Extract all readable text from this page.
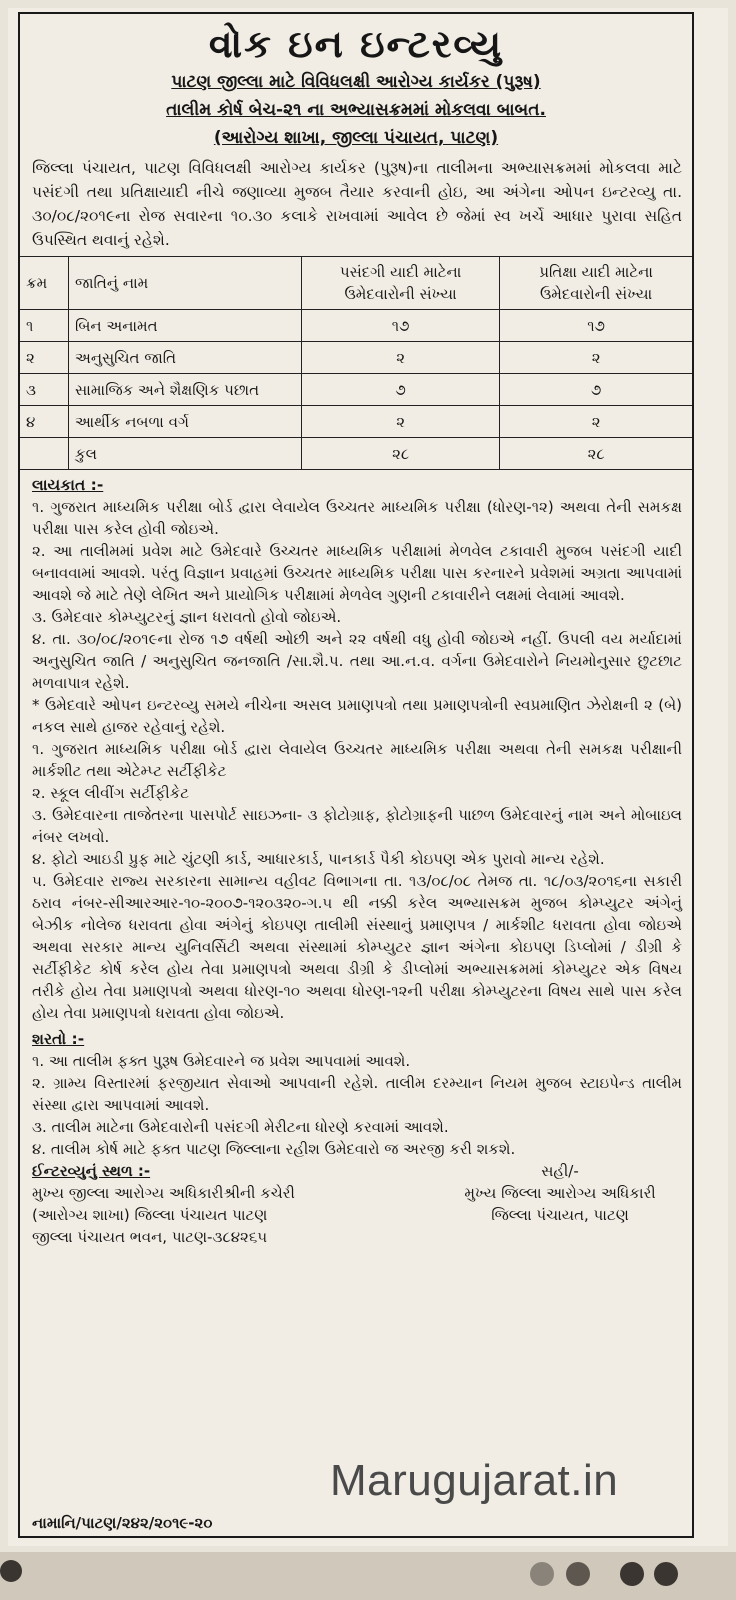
વોક ઇન ઇન્ટરવ્યુ
પાટણ જીલ્લા માટે વિવિધલક્ષી આરોગ્ય કાર્યકર (પુરૂષ)
તાલીમ કોર્ષ બેચ-૨૧ ના અભ્યાસક્રમમાં મોકલવા બાબત.
(આરોગ્ય શાખા, જીલ્લા પંચાયત, પાટણ)
જિલ્લા પંચાયત, પાટણ વિવિધલક્ષી આરોગ્ય કાર્યકર (પુરૂષ)ના તાલીમના અભ્યાસક્રમમાં મોકલવા માટે પસંદગી તથા પ્રતિક્ષાયાદી નીચે જણાવ્યા મુજબ તૈયાર કરવાની હોઇ, આ અંગેના ઓપન ઇન્ટરવ્યુ તા. ૩૦/૦૮/૨૦૧૯ના રોજ સવારના ૧૦.૩૦ કલાકે રાખવામાં આવેલ છે જેમાં સ્વ ખર્ચે આધાર પુરાવા સહિત ઉપસ્થિત થવાનું રહેશે.
ક્રમ	જાતિનું નામ	પસંદગી યાદી માટેના ઉમેદવારોની સંખ્યા	પ્રતિક્ષા યાદી માટેના ઉમેદવારોની સંખ્યા
૧	બિન અનામત	૧૭	૧૭
૨	અનુસુચિત જાતિ	૨	૨
૩	સામાજિક અને શૈક્ષણિક પછાત	૭	૭
૪	આર્થીક નબળા વર્ગ	૨	૨
	કુલ	૨૮	૨૮
લાયકાત :-
૧. ગુજરાત માધ્યમિક પરીક્ષા બોર્ડ દ્વારા લેવાયેલ ઉચ્ચતર માધ્યમિક પરીક્ષા (ધોરણ-૧૨) અથવા તેની સમકક્ષ પરીક્ષા પાસ કરેલ હોવી જોઇએ.
૨. આ તાલીમમાં પ્રવેશ માટે ઉમેદવારે ઉચ્ચતર માધ્યમિક પરીક્ષામાં મેળવેલ ટકાવારી મુજબ પસંદગી યાદી બનાવવામાં આવશે. પરંતુ વિજ્ઞાન પ્રવાહમાં ઉચ્ચતર માધ્યમિક પરીક્ષા પાસ કરનારને પ્રવેશમાં અગ્રતા આપવામાં આવશે જે માટે તેણે લેખિત અને પ્રાયોગિક પરીક્ષામાં મેળવેલ ગુણની ટકાવારીને લક્ષમાં લેવામાં આવશે.
૩. ઉમેદવાર કોમ્પ્યુટરનું જ્ઞાન ધરાવતો હોવો જોઇએ.
૪. તા. ૩૦/૦૮/૨૦૧૯ના રોજ ૧૭ વર્ષથી ઓછી અને ૨૨ વર્ષથી વધુ હોવી જોઇએ નહીં. ઉપલી વય મર્યાદામાં અનુસુચિત જાતિ / અનુસુચિત જનજાતિ /સા.શૈ.પ. તથા આ.ન.વ. વર્ગના ઉમેદવારોને નિયમોનુસાર છુટછાટ મળવાપાત્ર રહેશે.
* ઉમેદવારે ઓપન ઇન્ટરવ્યુ સમયે નીચેના અસલ પ્રમાણપત્રો તથા પ્રમાણપત્રોની સ્વપ્રમાણિત ઝેરોક્ષની ૨ (બે) નકલ સાથે હાજર રહેવાનું રહેશે.
૧. ગુજરાત માધ્યમિક પરીક્ષા બોર્ડ દ્વારા લેવાયેલ ઉચ્ચતર માધ્યમિક પરીક્ષા અથવા તેની સમકક્ષ પરીક્ષાની માર્કશીટ તથા એટેમ્પ્ટ સર્ટીફીકેટ
૨. સ્કૂલ લીવીંગ સર્ટીફીકેટ
૩. ઉમેદવારના તાજેતરના પાસપોર્ટ સાઇઝના- ૩ ફોટોગ્રાફ, ફોટોગ્રાફની પાછળ ઉમેદવારનું નામ અને મોબાઇલ નંબર લખવો.
૪. ફોટો આઇડી પ્રુફ માટે ચુંટણી કાર્ડ, આધારકાર્ડ, પાનકાર્ડ પૈકી કોઇપણ એક પુરાવો માન્ય રહેશે.
૫. ઉમેદવાર રાજ્ય સરકારના સામાન્ય વહીવટ વિભાગના તા. ૧૩/૦૮/૦૮ તેમજ તા. ૧૮/૦૩/૨૦૧૬ના સકારી ઠરાવ નંબર-સીઆરઆર-૧૦-૨૦૦૭-૧૨૦૩૨૦-ગ.૫ થી નક્કી કરેલ અભ્યાસક્રમ મુજબ કોમ્પ્યુટર અંગેનું બેઝીક નોલેજ ધરાવતા હોવા અંગેનું કોઇપણ તાલીમી સંસ્થાનું પ્રમાણપત્ર / માર્કશીટ ધરાવતા હોવા જોઇએ અથવા સરકાર માન્ય યુનિવર્સિટી અથવા સંસ્થામાં કોમ્પ્યુટર જ્ઞાન અંગેના કોઇપણ ડિપ્લોમાં / ડીગ્રી કે સર્ટીફીકેટ કોર્ષ કરેલ હોય તેવા પ્રમાણપત્રો અથવા ડીગ્રી કે ડીપ્લોમાં અભ્યાસક્રમમાં કોમ્પ્યુટર એક વિષય તરીકે હોય તેવા પ્રમાણપત્રો અથવા ધોરણ-૧૦ અથવા ધોરણ-૧૨ની પરીક્ષા કોમ્પ્યુટરના વિષય સાથે પાસ કરેલ હોય તેવા પ્રમાણપત્રો ધરાવતા હોવા જોઇએ.
શરતો :-
૧. આ તાલીમ ફક્ત પુરૂષ ઉમેદવારને જ પ્રવેશ આપવામાં આવશે.
૨. ગ્રામ્ય વિસ્તારમાં ફરજીયાત સેવાઓ આપવાની રહેશે. તાલીમ દરમ્યાન નિયમ મુજબ સ્ટાઇપેન્ડ તાલીમ સંસ્થા દ્વારા આપવામાં આવશે.
૩. તાલીમ માટેના ઉમેદવારોની પસંદગી મેરીટના ધોરણે કરવામાં આવશે.
૪. તાલીમ કોર્ષ માટે ફક્ત પાટણ જિલ્લાના રહીશ ઉમેદવારો જ અરજી કરી શકશે.
ઈન્ટરવ્યુનું સ્થળ :-
મુખ્ય જીલ્લા આરોગ્ય અધિકારીશ્રીની કચેરી
(આરોગ્ય શાખા) જિલ્લા પંચાયત પાટણ
જીલ્લા પંચાયત ભવન, પાટણ-૩૮૪૨૬૫
સહી/-
મુખ્ય જિલ્લા આરોગ્ય અધિકારી
જિલ્લા પંચાયત, પાટણ
નામાનિ/પાટણ/૨૪૨/૨૦૧૯-૨૦
Marugujarat.in
